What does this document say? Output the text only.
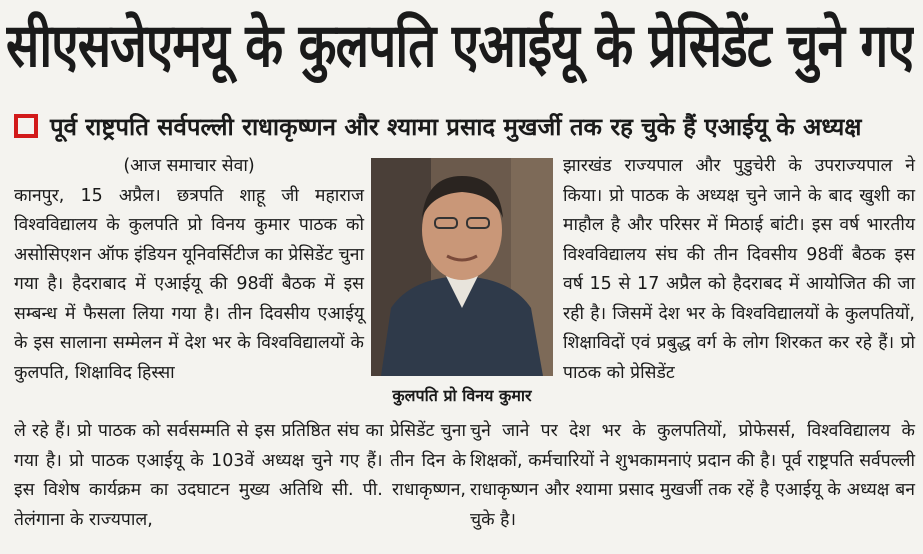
सीएसजेएमयू के कुलपति एआईयू के प्रेसिडेंट चुने गए
पूर्व राष्ट्रपति सर्वपल्ली राधाकृष्णन और श्यामा प्रसाद मुखर्जी तक रह चुके हैं एआईयू के अध्यक्ष
(आज समाचार सेवा)

कानपुर, 15 अप्रैल। छत्रपति शाहू जी महाराज विश्वविद्यालय के कुलपति प्रो विनय कुमार पाठक को असोसिएशन ऑफ इंडियन यूनिवर्सिटीज का प्रेसिडेंट चुना गया है। हैदराबाद में एआईयू की 98वीं बैठक में इस सम्बन्ध में फैसला लिया गया है। तीन दिवसीय एआईयू के इस सालाना सम्मेलन में देश भर के विश्वविद्यालयों के कुलपति, शिक्षाविद हिस्सा

कुलपति प्रो विनय कुमार

ले रहे हैं। प्रो पाठक को सर्वसम्मति से इस प्रतिष्ठित संघ का प्रेसिडेंट चुना गया है। प्रो पाठक एआईयू के 103वें अध्यक्ष चुने गए हैं। तीन दिन के इस विशेष कार्यक्रम का उदघाटन मुख्य अतिथि सी. पी. राधाकृष्णन, तेलंगाना के राज्यपाल,

झारखंड राज्यपाल और पुडुचेरी के उपराज्यपाल ने किया। प्रो पाठक के अध्यक्ष चुने जाने के बाद खुशी का माहौल है और परिसर में मिठाई बांटी। इस वर्ष भारतीय विश्वविद्यालय संघ की तीन दिवसीय 98वीं बैठक इस वर्ष 15 से 17 अप्रैल को हैदराबद में आयोजित की जा रही है। जिसमें देश भर के विश्वविद्यालयों के कुलपतियों, शिक्षाविदों एवं प्रबुद्ध वर्ग के लोग शिरकत कर रहे हैं। प्रो पाठक को प्रेसिडेंट

चुने जाने पर देश भर के कुलपतियों, प्रोफेसर्स, विश्वविद्यालय के शिक्षकों, कर्मचारियों ने शुभकामनाएं प्रदान की है। पूर्व राष्ट्रपति सर्वपल्ली राधाकृष्णन और श्यामा प्रसाद मुखर्जी तक रहें है एआईयू के अध्यक्ष बन चुके है।
